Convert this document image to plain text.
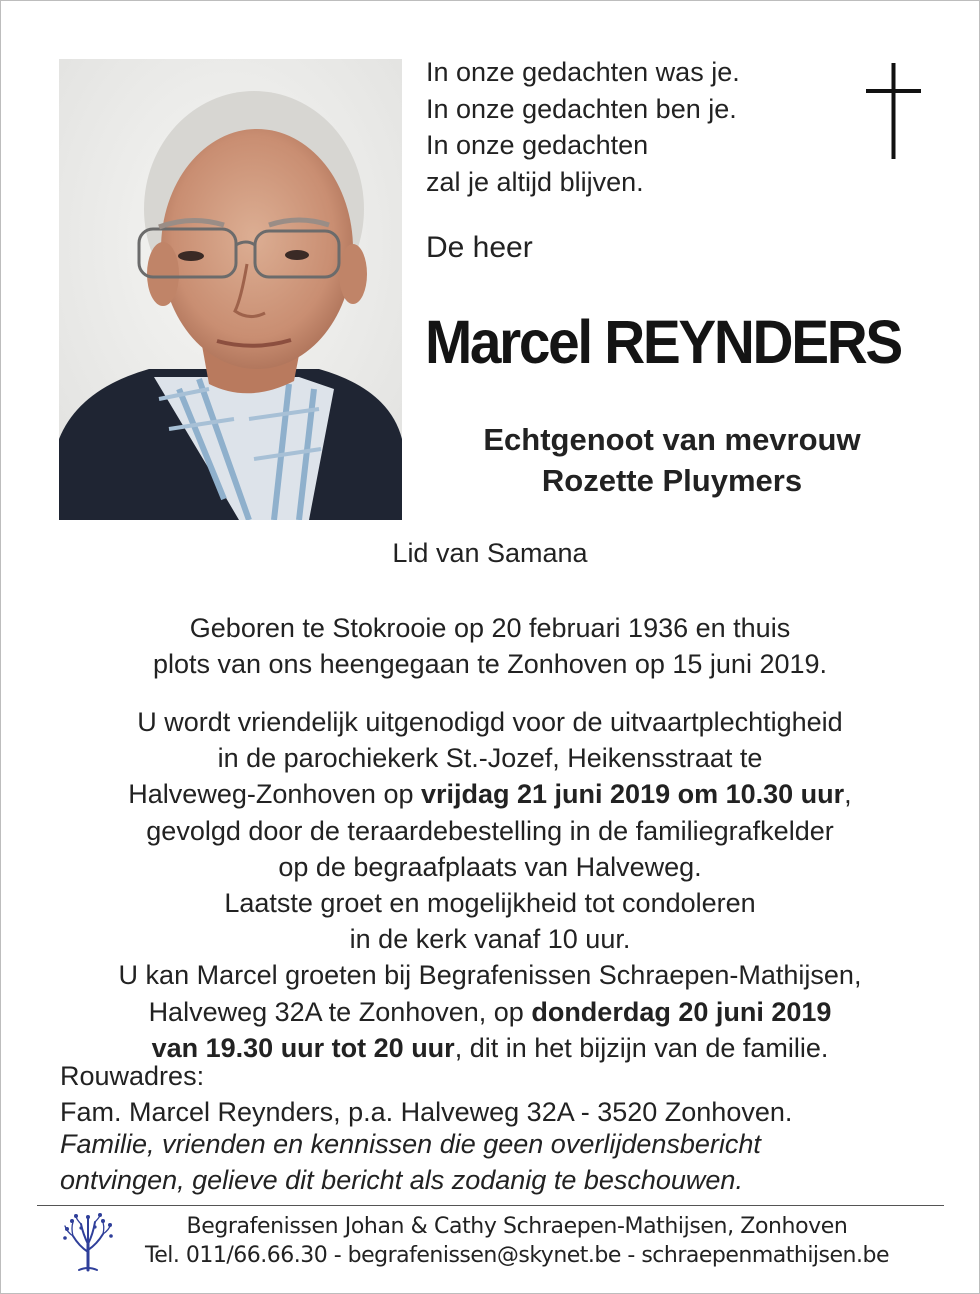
In onze gedachten was je.
In onze gedachten ben je.
In onze gedachten
zal je altijd blijven.
De heer
Marcel REYNDERS
Echtgenoot van mevrouw
Rozette Pluymers
Lid van Samana
Geboren te Stokrooie op 20 februari 1936 en thuis
plots van ons heengegaan te Zonhoven op 15 juni 2019.
U wordt vriendelijk uitgenodigd voor de uitvaartplechtigheid
in de parochiekerk St.-Jozef, Heikensstraat te
Halveweg-Zonhoven op vrijdag 21 juni 2019 om 10.30 uur,
gevolgd door de teraardebestelling in de familiegrafkelder
op de begraafplaats van Halveweg.
Laatste groet en mogelijkheid tot condoleren
in de kerk vanaf 10 uur.
U kan Marcel groeten bij Begrafenissen Schraepen-Mathijsen,
Halveweg 32A te Zonhoven, op donderdag 20 juni 2019
van 19.30 uur tot 20 uur, dit in het bijzijn van de familie.
Rouwadres:
Fam. Marcel Reynders, p.a. Halveweg 32A - 3520 Zonhoven.
Familie, vrienden en kennissen die geen overlijdensbericht
ontvingen, gelieve dit bericht als zodanig te beschouwen.
Begrafenissen Johan & Cathy Schraepen-Mathijsen, Zonhoven
Tel. 011/66.66.30 - begrafenissen@skynet.be - schraepenmathijsen.be
